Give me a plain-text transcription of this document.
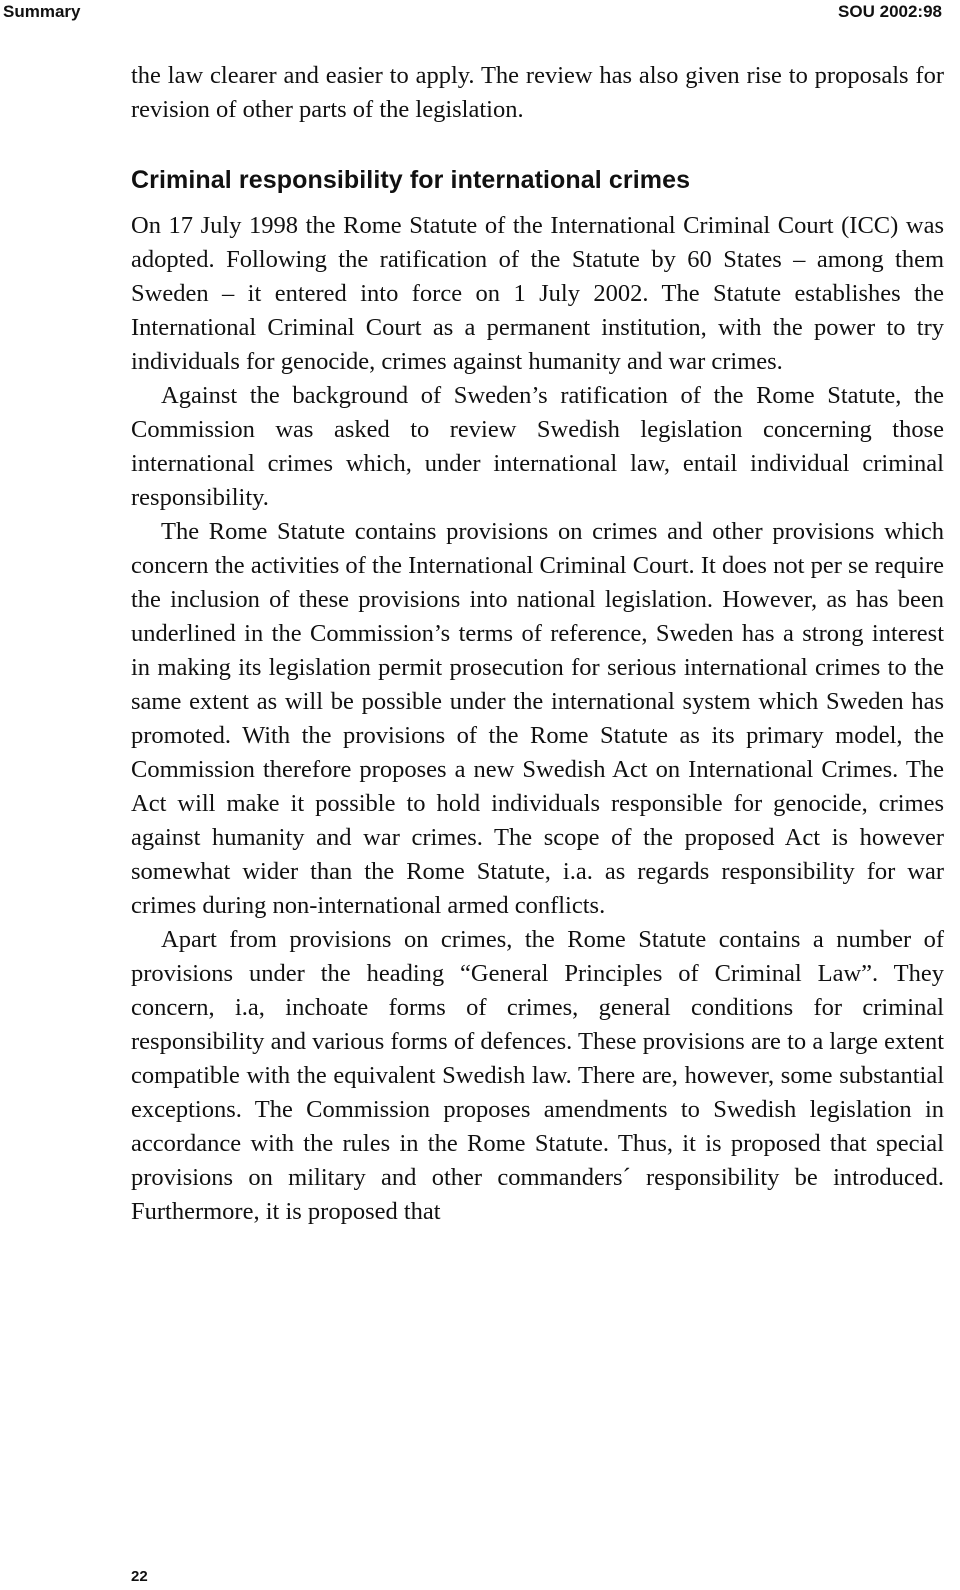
Summary	SOU 2002:98

the law clearer and easier to apply. The review has also given rise to proposals for revision of other parts of the legislation.

Criminal responsibility for international crimes

On 17 July 1998 the Rome Statute of the International Criminal Court (ICC) was adopted. Following the ratification of the Statute by 60 States – among them Sweden – it entered into force on 1 July 2002. The Statute establishes the International Criminal Court as a permanent institution, with the power to try individuals for genocide, crimes against humanity and war crimes.

Against the background of Sweden’s ratification of the Rome Statute, the Commission was asked to review Swedish legislation concerning those international crimes which, under international law, entail individual criminal responsibility.

The Rome Statute contains provisions on crimes and other provisions which concern the activities of the International Criminal Court. It does not per se require the inclusion of these provisions into national legislation. However, as has been underlined in the Commission’s terms of reference, Sweden has a strong interest in making its legislation permit prosecution for serious international crimes to the same extent as will be possible under the international system which Sweden has promoted. With the provisions of the Rome Statute as its primary model, the Commission therefore proposes a new Swedish Act on International Crimes. The Act will make it possible to hold individuals responsible for genocide, crimes against humanity and war crimes. The scope of the proposed Act is however somewhat wider than the Rome Statute, i.a. as regards responsibility for war crimes during non-international armed conflicts.

Apart from provisions on crimes, the Rome Statute contains a number of provisions under the heading “General Principles of Criminal Law”. They concern, i.a, inchoate forms of crimes, general conditions for criminal responsibility and various forms of defences. These provisions are to a large extent compatible with the equivalent Swedish law. There are, however, some substantial exceptions. The Commission proposes amendments to Swedish legislation in accordance with the rules in the Rome Statute. Thus, it is proposed that special provisions on military and other commanders´ responsibility be introduced. Furthermore, it is proposed that

22
